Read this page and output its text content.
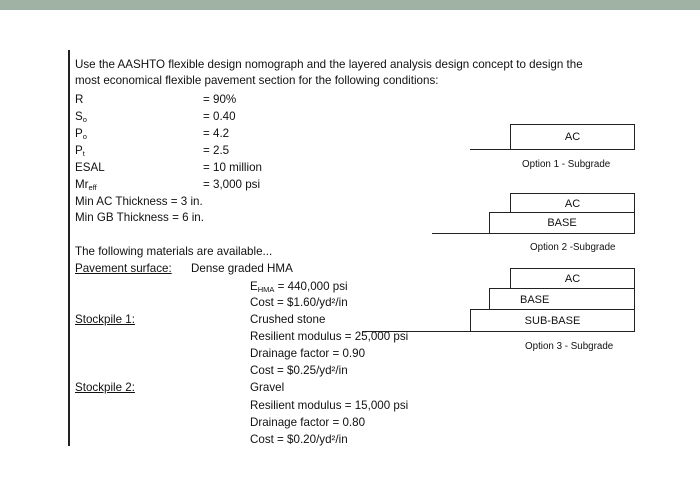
Use the AASHTO flexible design nomograph and the layered analysis design concept to design the
most economical flexible pavement section for the following conditions:
R	= 90%
$S_o$	= 0.40
$P_o$	= 4.2
$P_t$	= 2.5
ESAL	= 10 million
$Mr_{eff}$	= 3,000 psi
Min AC Thickness = 3 in.
Min GB Thickness = 6 in.
The following materials are available...
Pavement surface: Dense graded HMA
$E_{HMA} = 440,000$ psi
Cost = $1.60/yd²/in
Stockpile 1:	Crushed stone
Resilient modulus = 25,000 psi
Drainage factor = 0.90
Cost = $0.25/yd²/in
Stockpile 2:	Gravel
Resilient modulus = 15,000 psi
Drainage factor = 0.80
Cost = $0.20/yd²/in
AC
Option 1 - Subgrade
AC
BASE
Option 2 -Subgrade
AC
BASE
SUB-BASE
Option 3 - Subgrade
